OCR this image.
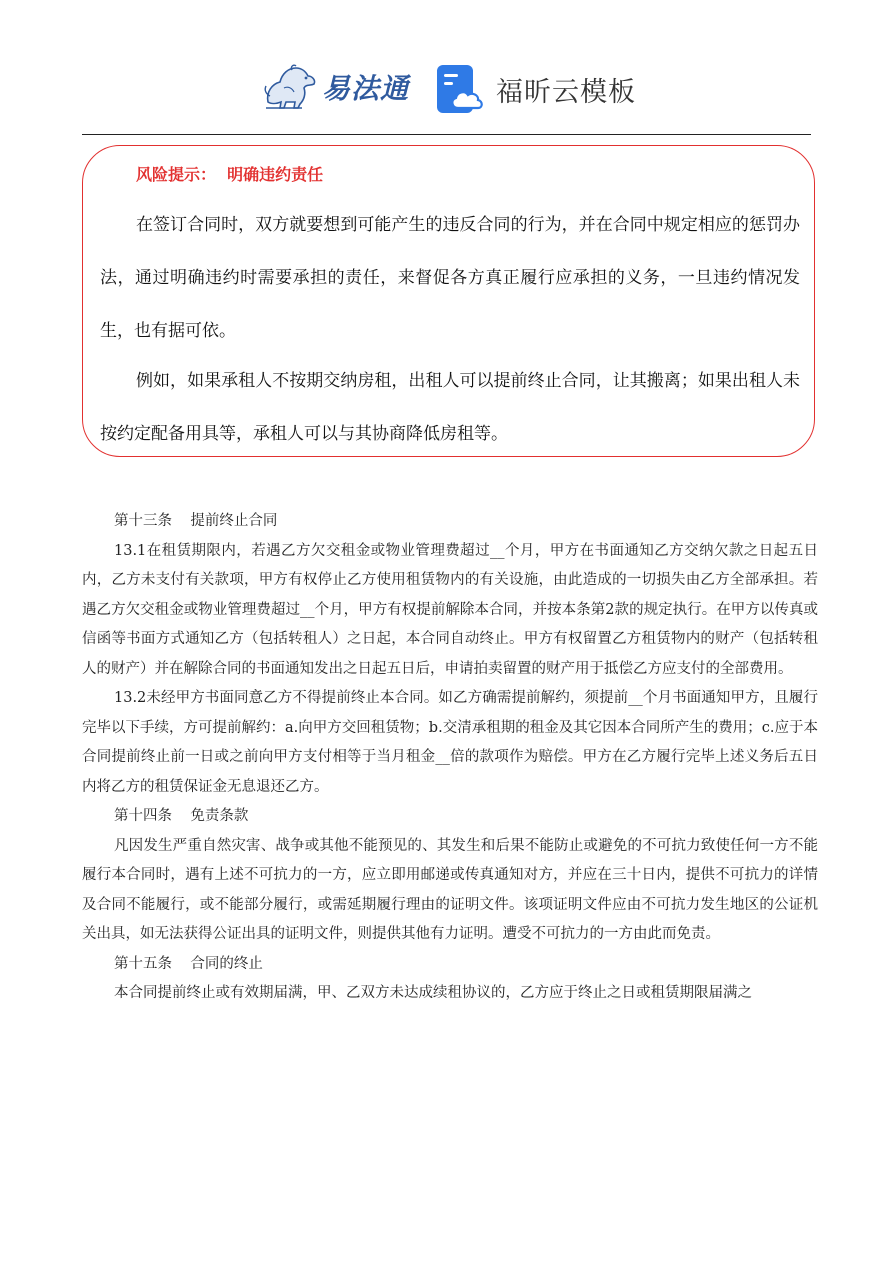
易法通	福昕云模板
风险提示：  明确违约责任

在签订合同时，双方就要想到可能产生的违反合同的行为，并在合同中规定相应的惩罚办法，通过明确违约时需要承担的责任，来督促各方真正履行应承担的义务，一旦违约情况发生，也有据可依。

例如，如果承租人不按期交纳房租，出租人可以提前终止合同，让其搬离；如果出租人未按约定配备用具等，承租人可以与其协商降低房租等。

第十三条    提前终止合同

13.1在租赁期限内，若遇乙方欠交租金或物业管理费超过__个月，甲方在书面通知乙方交纳欠款之日起五日内，乙方未支付有关款项，甲方有权停止乙方使用租赁物内的有关设施，由此造成的一切损失由乙方全部承担。若遇乙方欠交租金或物业管理费超过__个月，甲方有权提前解除本合同，并按本条第2款的规定执行。在甲方以传真或信函等书面方式通知乙方（包括转租人）之日起，本合同自动终止。甲方有权留置乙方租赁物内的财产（包括转租人的财产）并在解除合同的书面通知发出之日起五日后，申请拍卖留置的财产用于抵偿乙方应支付的全部费用。

13.2未经甲方书面同意乙方不得提前终止本合同。如乙方确需提前解约，须提前__个月书面通知甲方，且履行完毕以下手续，方可提前解约：a.向甲方交回租赁物；b.交清承租期的租金及其它因本合同所产生的费用；c.应于本合同提前终止前一日或之前向甲方支付相等于当月租金__倍的款项作为赔偿。甲方在乙方履行完毕上述义务后五日内将乙方的租赁保证金无息退还乙方。

第十四条    免责条款

凡因发生严重自然灾害、战争或其他不能预见的、其发生和后果不能防止或避免的不可抗力致使任何一方不能履行本合同时，遇有上述不可抗力的一方，应立即用邮递或传真通知对方，并应在三十日内，提供不可抗力的详情及合同不能履行，或不能部分履行，或需延期履行理由的证明文件。该项证明文件应由不可抗力发生地区的公证机关出具，如无法获得公证出具的证明文件，则提供其他有力证明。遭受不可抗力的一方由此而免责。

第十五条    合同的终止

本合同提前终止或有效期届满，甲、乙双方未达成续租协议的，乙方应于终止之日或租赁期限届满之
